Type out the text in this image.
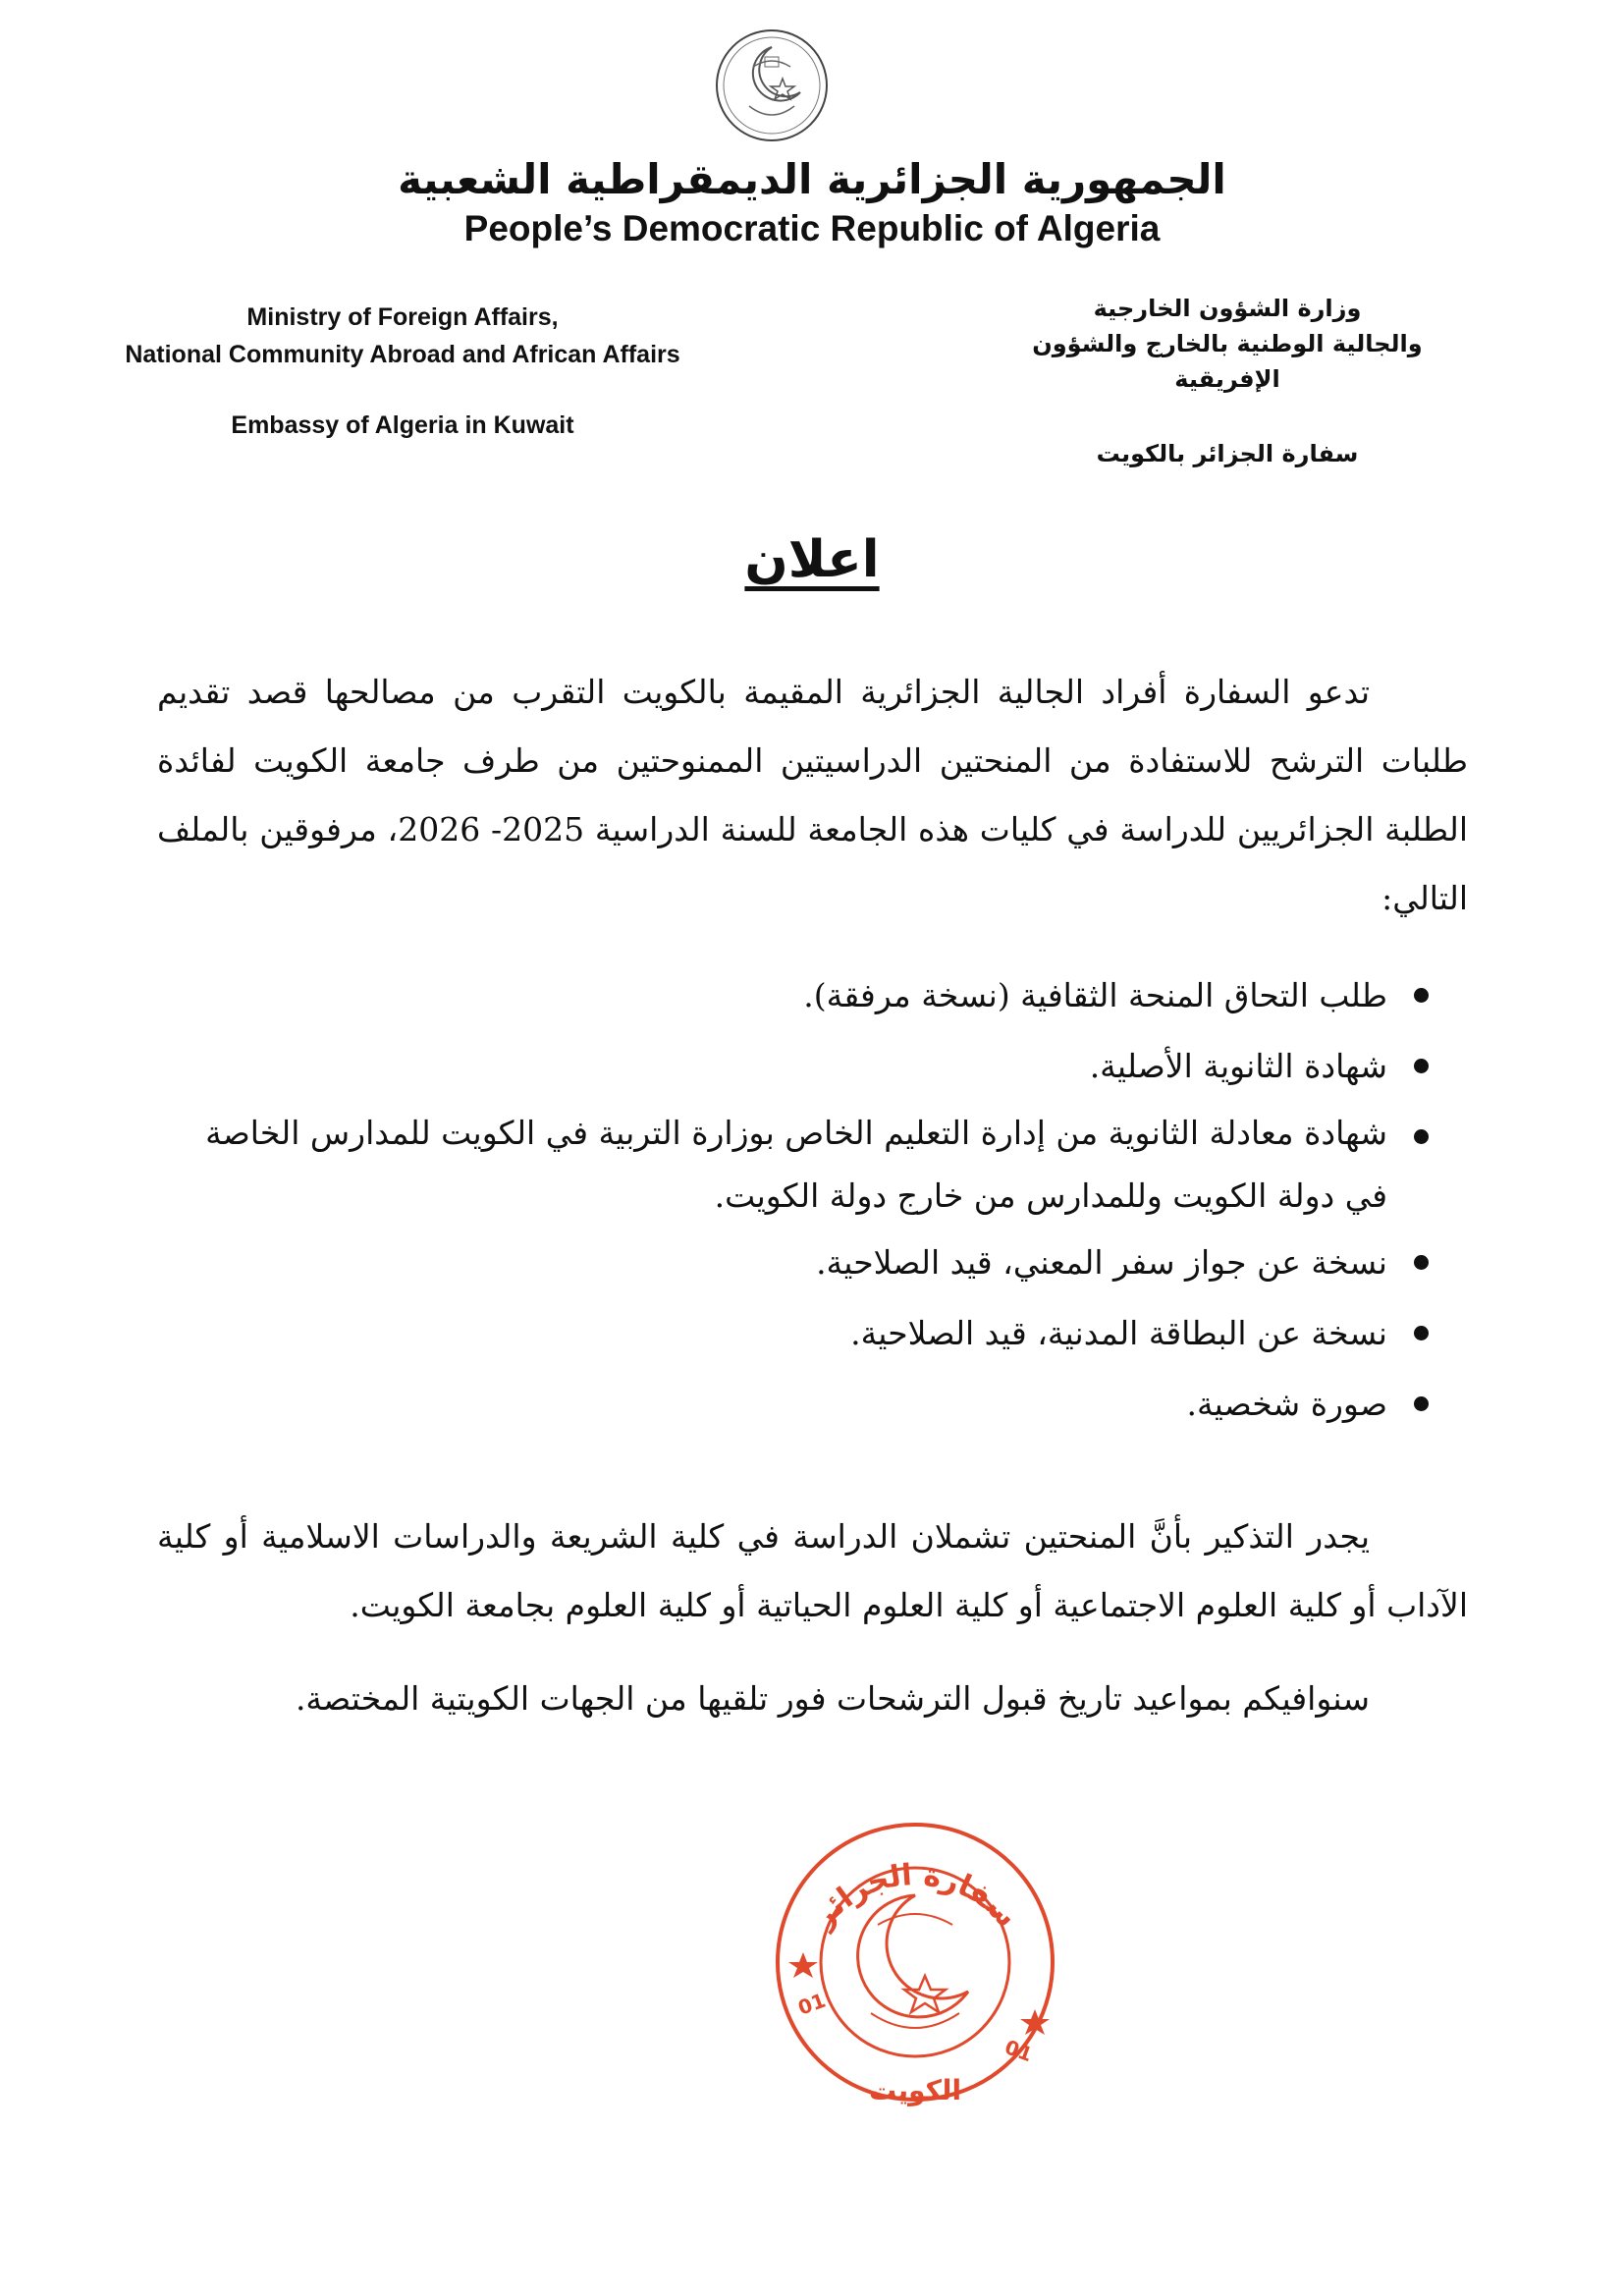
الجمهورية الجزائرية الديمقراطية الشعبية
People’s Democratic Republic of Algeria
Ministry of Foreign Affairs,
National Community Abroad and African Affairs
Embassy of Algeria in Kuwait
وزارة الشؤون الخارجية
والجالية الوطنية بالخارج والشؤون الإفريقية
سفارة الجزائر بالكويت
اعلان

تدعو السفارة أفراد الجالية الجزائرية المقيمة بالكويت التقرب من مصالحها قصد تقديم طلبات الترشح للاستفادة من المنحتين الدراسيتين الممنوحتين من طرف جامعة الكويت لفائدة الطلبة الجزائريين للدراسة في كليات هذه الجامعة للسنة الدراسية 2025- 2026، مرفوقين بالملف التالي:

طلب التحاق المنحة الثقافية (نسخة مرفقة).
شهادة الثانوية الأصلية.
شهادة معادلة الثانوية من إدارة التعليم الخاص بوزارة التربية في الكويت للمدارس الخاصة في دولة الكويت وللمدارس من خارج دولة الكويت.
نسخة عن جواز سفر المعني، قيد الصلاحية.
نسخة عن البطاقة المدنية، قيد الصلاحية.
صورة شخصية.

يجدر التذكير بأنَّ المنحتين تشملان الدراسة في كلية الشريعة والدراسات الاسلامية أو كلية الآداب أو كلية العلوم الاجتماعية أو كلية العلوم الحياتية أو كلية العلوم بجامعة الكويت.

سنوافيكم بمواعيد تاريخ قبول الترشحات فور تلقيها من الجهات الكويتية المختصة.

سفارة الجزائر
الكويت
01
01
